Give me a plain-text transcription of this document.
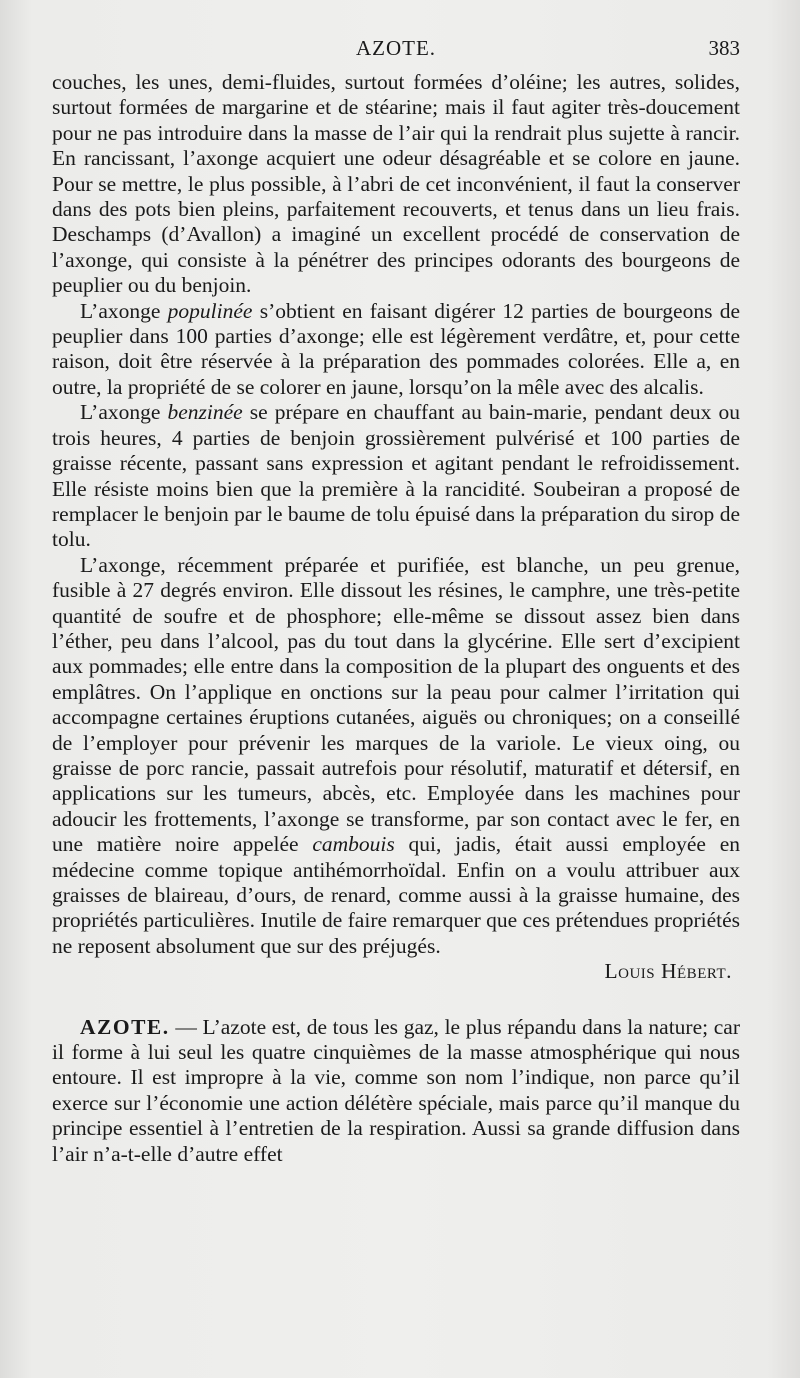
AZOTE.	383

couches, les unes, demi-fluides, surtout formées d’oléine; les autres, solides, surtout formées de margarine et de stéarine; mais il faut agiter très-doucement pour ne pas introduire dans la masse de l’air qui la rendrait plus sujette à rancir. En rancissant, l’axonge acquiert une odeur désagréable et se colore en jaune. Pour se mettre, le plus possible, à l’abri de cet inconvénient, il faut la conserver dans des pots bien pleins, parfaitement recouverts, et tenus dans un lieu frais. Deschamps (d’Avallon) a imaginé un excellent procédé de conservation de l’axonge, qui consiste à la pénétrer des principes odorants des bourgeons de peuplier ou du benjoin.

L’axonge populinée s’obtient en faisant digérer 12 parties de bourgeons de peuplier dans 100 parties d’axonge; elle est légèrement verdâtre, et, pour cette raison, doit être réservée à la préparation des pommades colorées. Elle a, en outre, la propriété de se colorer en jaune, lorsqu’on la mêle avec des alcalis.

L’axonge benzinée se prépare en chauffant au bain-marie, pendant deux ou trois heures, 4 parties de benjoin grossièrement pulvérisé et 100 parties de graisse récente, passant sans expression et agitant pendant le refroidissement. Elle résiste moins bien que la première à la rancidité. Soubeiran a proposé de remplacer le benjoin par le baume de tolu épuisé dans la préparation du sirop de tolu.

L’axonge, récemment préparée et purifiée, est blanche, un peu grenue, fusible à 27 degrés environ. Elle dissout les résines, le camphre, une très-petite quantité de soufre et de phosphore; elle-même se dissout assez bien dans l’éther, peu dans l’alcool, pas du tout dans la glycérine. Elle sert d’excipient aux pommades; elle entre dans la composition de la plupart des onguents et des emplâtres. On l’applique en onctions sur la peau pour calmer l’irritation qui accompagne certaines éruptions cutanées, aiguës ou chroniques; on a conseillé de l’employer pour prévenir les marques de la variole. Le vieux oing, ou graisse de porc rancie, passait autrefois pour résolutif, maturatif et détersif, en applications sur les tumeurs, abcès, etc. Employée dans les machines pour adoucir les frottements, l’axonge se transforme, par son contact avec le fer, en une matière noire appelée cambouis qui, jadis, était aussi employée en médecine comme topique antihémorrhoïdal. Enfin on a voulu attribuer aux graisses de blaireau, d’ours, de renard, comme aussi à la graisse humaine, des propriétés particulières. Inutile de faire remarquer que ces prétendues propriétés ne reposent absolument que sur des préjugés.

Louis Hébert.

AZOTE. — L’azote est, de tous les gaz, le plus répandu dans la nature; car il forme à lui seul les quatre cinquièmes de la masse atmosphérique qui nous entoure. Il est impropre à la vie, comme son nom l’indique, non parce qu’il exerce sur l’économie une action délétère spéciale, mais parce qu’il manque du principe essentiel à l’entretien de la respiration. Aussi sa grande diffusion dans l’air n’a-t-elle d’autre effet
